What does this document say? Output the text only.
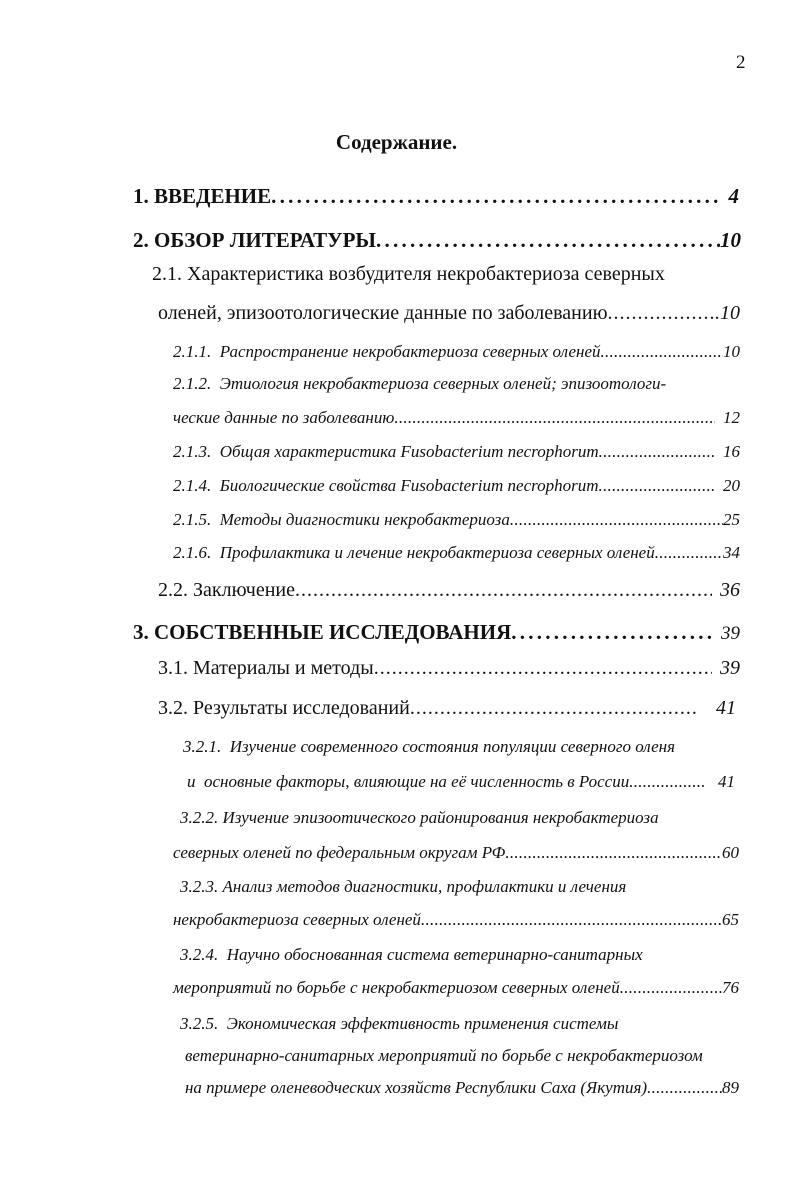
2
Содержание.
1. ВВЕДЕНИЕ . . .	4
2. ОБЗОР ЛИТЕРАТУРЫ . . .	10
2.1. Характеристика возбудителя некробактериоза северных
оленей, эпизоотологические данные по заболеванию . . .	.10
2.1.1.  Распространение некробактериоза северных оленей . . .	10
2.1.2.  Этиология некробактериоза северных оленей; эпизоотологи-
ческие данные по заболеванию . . .	12
2.1.3.  Общая характеристика Fusobacterium necrophorum . . .	16
2.1.4.  Биологические свойства Fusobacterium necrophorum . . .	20
2.1.5.  Методы диагностики некробактериоза . . .	25
2.1.6.  Профилактика и лечение некробактериоза северных оленей . . .	34
2.2. Заключение . . .	36
3. СОБСТВЕННЫЕ ИССЛЕДОВАНИЯ . . .	39
3.1. Материалы и методы . . .	39
3.2. Результаты исследований . . .	41
3.2.1.  Изучение современного состояния популяции северного оленя
и  основные факторы, влияющие на её численность в России . . .	41
3.2.2. Изучение эпизоотического районирования некробактериоза
северных оленей по федеральным округам РФ . . .	60
3.2.3. Анализ методов диагностики, профилактики и лечения
некробактериоза северных оленей . . .	65
3.2.4.  Научно обоснованная система ветеринарно-санитарных
мероприятий по борьбе с некробактериозом северных оленей . . .	76
3.2.5.  Экономическая эффективность применения системы
ветеринарно-санитарных мероприятий по борьбе с некробактериозом
на примере оленеводческих хозяйств Республики Саха (Якутия) . . .	89
